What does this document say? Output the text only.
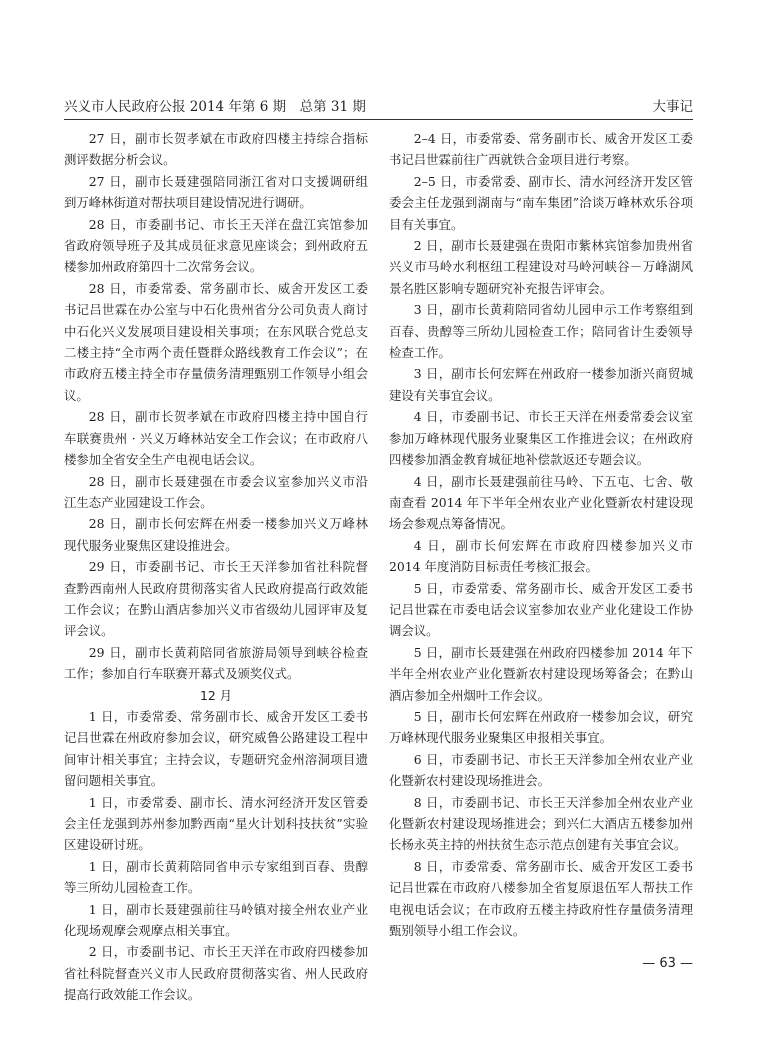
兴义市人民政府公报 2014 年第 6 期　总第 31 期	大事记

27 日，副市长贺孝斌在市政府四楼主持综合指标测评数据分析会议。

27 日，副市长聂建强陪同浙江省对口支援调研组到万峰林街道对帮扶项目建设情况进行调研。

28 日，市委副书记、市长王天洋在盘江宾馆参加省政府领导班子及其成员征求意见座谈会；到州政府五楼参加州政府第四十二次常务会议。

28 日，市委常委、常务副市长、威舍开发区工委书记吕世霖在办公室与中石化贵州省分公司负责人商讨中石化兴义发展项目建设相关事项；在东风联合党总支二楼主持“全市两个责任暨群众路线教育工作会议”；在市政府五楼主持全市存量债务清理甄别工作领导小组会议。

28 日，副市长贺孝斌在市政府四楼主持中国自行车联赛贵州 · 兴义万峰林站安全工作会议；在市政府八楼参加全省安全生产电视电话会议。

28 日，副市长聂建强在市委会议室参加兴义市沿江生态产业园建设工作会。

28 日，副市长何宏辉在州委一楼参加兴义万峰林现代服务业聚焦区建设推进会。

29 日，市委副书记、市长王天洋参加省社科院督查黔西南州人民政府贯彻落实省人民政府提高行政效能工作会议；在黔山酒店参加兴义市省级幼儿园评审及复评会议。

29 日，副市长黄莉陪同省旅游局领导到峡谷检查工作；参加自行车联赛开幕式及颁奖仪式。

12 月

1 日，市委常委、常务副市长、威舍开发区工委书记吕世霖在州政府参加会议，研究威鲁公路建设工程中间审计相关事宜；主持会议，专题研究金州溶洞项目遗留问题相关事宜。

1 日，市委常委、副市长、清水河经济开发区管委会主任龙强到苏州参加黔西南“星火计划科技扶贫”实验区建设研讨班。

1 日，副市长黄莉陪同省申示专家组到百春、贵醇等三所幼儿园检查工作。

1 日，副市长聂建强前往马岭镇对接全州农业产业化现场观摩会观摩点相关事宜。

2 日，市委副书记、市长王天洋在市政府四楼参加省社科院督查兴义市人民政府贯彻落实省、州人民政府提高行政效能工作会议。

2–4 日，市委常委、常务副市长、威舍开发区工委书记吕世霖前往广西就铁合金项目进行考察。

2–5 日，市委常委、副市长、清水河经济开发区管委会主任龙强到湖南与“南车集团”洽谈万峰林欢乐谷项目有关事宜。

2 日，副市长聂建强在贵阳市紫林宾馆参加贵州省兴义市马岭水利枢纽工程建设对马岭河峡谷－万峰湖风景名胜区影响专题研究补充报告评审会。

3 日，副市长黄莉陪同省幼儿园申示工作考察组到百春、贵醇等三所幼儿园检查工作；陪同省计生委领导检查工作。

3 日，副市长何宏辉在州政府一楼参加浙兴商贸城建设有关事宜会议。

4 日，市委副书记、市长王天洋在州委常委会议室参加万峰林现代服务业聚集区工作推进会议；在州政府四楼参加酒金教育城征地补偿款返还专题会议。

4 日，副市长聂建强前往马岭、下五屯、七舍、敬南查看 2014 年下半年全州农业产业化暨新农村建设现场会参观点筹备情况。

4 日，副市长何宏辉在市政府四楼参加兴义市 2014 年度消防目标责任考核汇报会。

5 日，市委常委、常务副市长、威舍开发区工委书记吕世霖在市委电话会议室参加农业产业化建设工作协调会议。

5 日，副市长聂建强在州政府四楼参加 2014 年下半年全州农业产业化暨新农村建设现场筹备会；在黔山酒店参加全州烟叶工作会议。

5 日，副市长何宏辉在州政府一楼参加会议，研究万峰林现代服务业聚集区申报相关事宜。

6 日，市委副书记、市长王天洋参加全州农业产业化暨新农村建设现场推进会。

8 日，市委副书记、市长王天洋参加全州农业产业化暨新农村建设现场推进会；到兴仁大酒店五楼参加州长杨永英主持的州扶贫生态示范点创建有关事宜会议。

8 日，市委常委、常务副市长、威舍开发区工委书记吕世霖在市政府八楼参加全省复原退伍军人帮扶工作电视电话会议；在市政府五楼主持政府性存量债务清理甄别领导小组工作会议。

— 63 —
